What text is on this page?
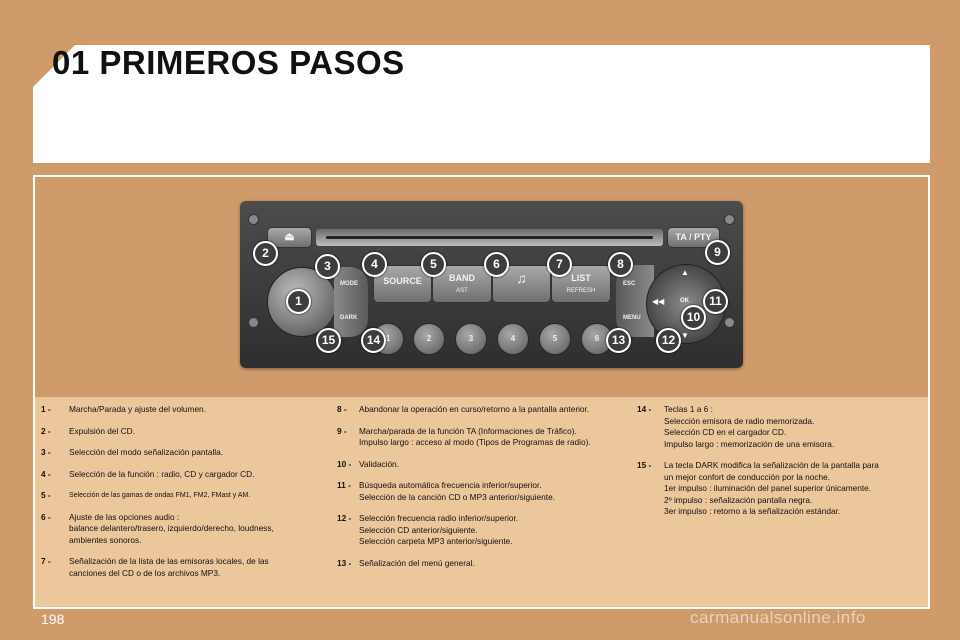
01 PRIMEROS PASOS
⏏	TA / PTY
MODE
DARK
SOURCE	BAND
AST
♫	LIST
REFRESH
1	2	3	4	5	6
ESC
MENU
▲
▼
◀◀	OK
1
2
3	4	5	6	7	8
9
10
11
12
13
14
15
1 - Marcha/Parada y ajuste del volumen.
2 - Expulsión del CD.
3 - Selección del modo señalización pantalla.
4 - Selección de la función : radio, CD y cargador CD.
5 -	Selección de las gamas de ondas FM1, FM2, FMast y AM.
6 - Ajuste de las opciones audio :
balance delantero/trasero, izquierdo/derecho, loudness,
ambientes sonoros.
7 - Señalización de la lista de las emisoras locales, de las
canciones del CD o de los archivos MP3.
8 - Abandonar la operación en curso/retorno a la pantalla anterior.
9 - Marcha/parada de la función TA (Informaciones de Tráfico).
Impulso largo : acceso al modo (Tipos de Programas de radio).
10 - Validación.
11 - Búsqueda automática frecuencia inferior/superior.
Selección de la canción CD o MP3 anterior/siguiente.
12 - Selección frecuencia radio inferior/superior.
Selección CD anterior/siguiente.
Selección carpeta MP3 anterior/siguiente.
13 - Señalización del menú general.
14 - Teclas 1 a 6 :
Selección emisora de radio memorizada.
Selección CD en el cargador CD.
Impulso largo : memorización de una emisora.
15 - La tecla DARK modifica la señalización de la pantalla para
un mejor confort de conducción por la noche.
1er impulso : iluminación del panel superior únicamente.
2º impulso : señalización pantalla negra.
3er impulso : retorno a la señalización estándar.
198	carmanualsonline.info
